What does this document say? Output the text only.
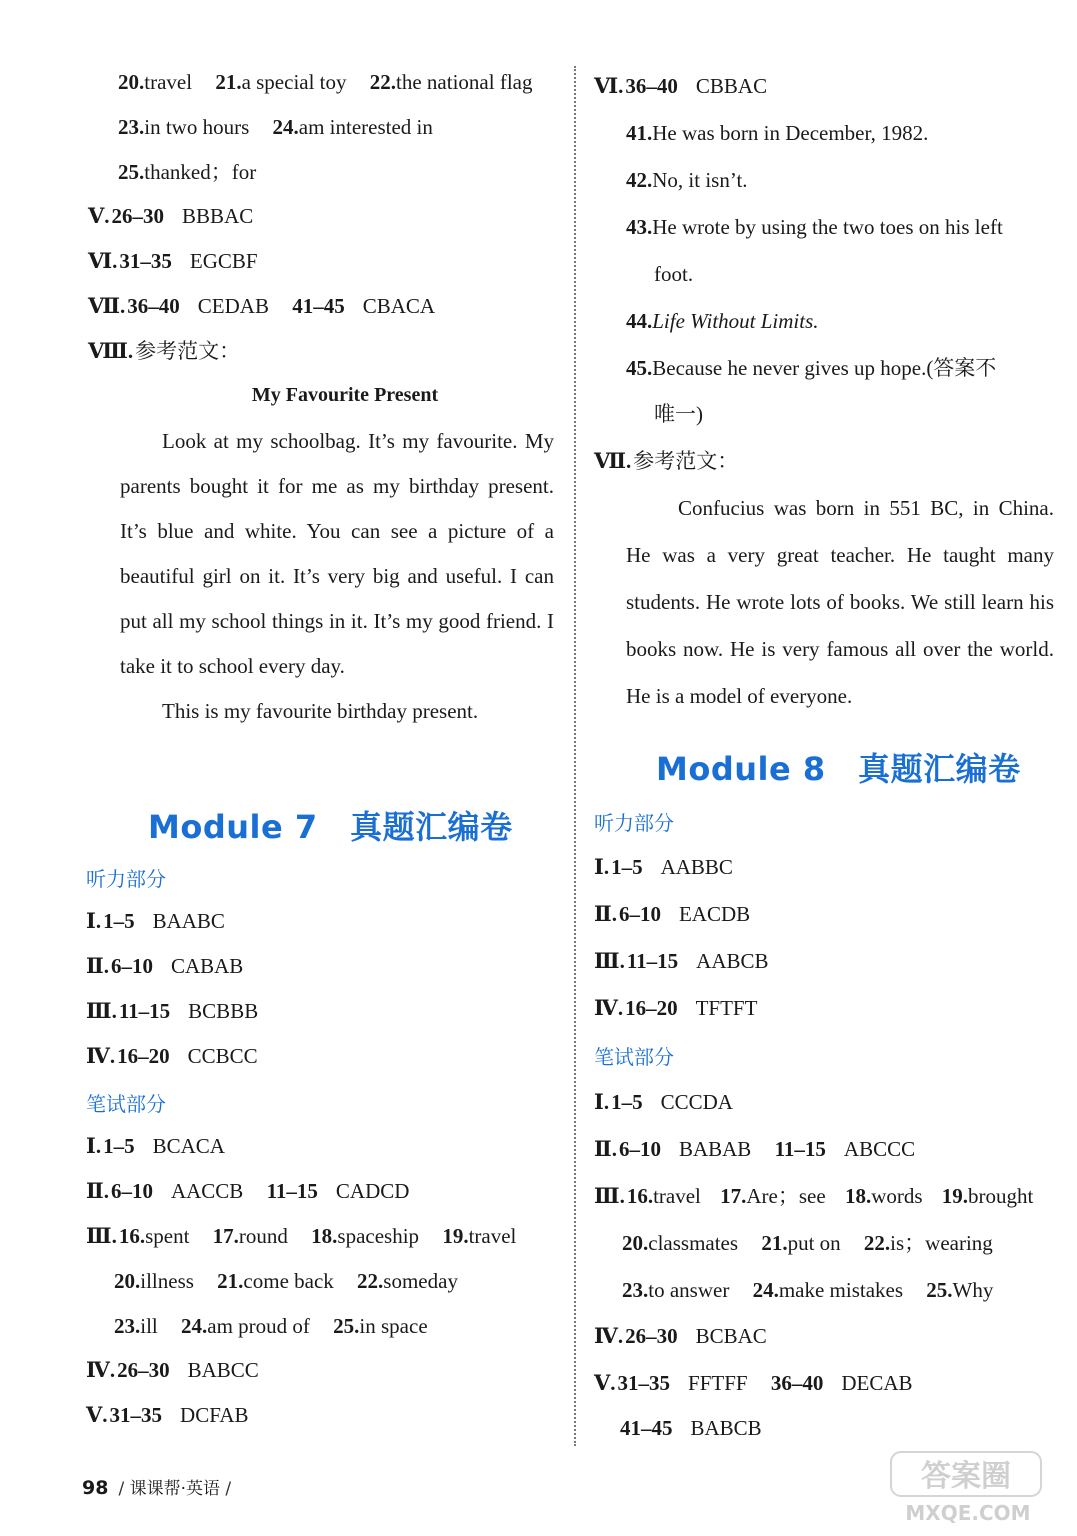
20.travel 21.a special toy 22.the national flag
23.in two hours 24.am interested in
25.thanked；for
Ⅴ.26–30 BBBAC
Ⅵ.31–35 EGCBF
Ⅶ.36–40 CEDAB 41–45 CBACA
Ⅷ.参考范文：
My Favourite Present

Look at my schoolbag. It’s my favourite. My parents bought it for me as my birthday present. It’s blue and white. You can see a picture of a beautiful girl on it. It’s very big and useful. I can put all my school things in it. It’s my good friend. I take it to school every day.

This is my favourite birthday present.

Module 7　真题汇编卷
听力部分
Ⅰ.1–5 BAABC
Ⅱ.6–10 CABAB
Ⅲ.11–15 BCBBB
Ⅳ.16–20 CCBCC
笔试部分
Ⅰ.1–5 BCACA
Ⅱ.6–10 AACCB 11–15 CADCD
Ⅲ.16.spent 17.round 18.spaceship 19.travel
20.illness 21.come back 22.someday
23.ill 24.am proud of 25.in space
Ⅳ.26–30 BABCC
Ⅴ.31–35 DCFAB
Ⅵ.36–40 CBBAC
41.He was born in December, 1982.
42.No, it isn’t.
43.He wrote by using the two toes on his left
foot.
44.Life Without Limits.
45.Because he never gives up hope.(答案不
唯一)
Ⅶ.参考范文：

Confucius was born in 551 BC, in China. He was a very great teacher. He taught many students. He wrote lots of books. We still learn his books now. He is very famous all over the world. He is a model of everyone.

Module 8　真题汇编卷
听力部分
Ⅰ.1–5 AABBC
Ⅱ.6–10 EACDB
Ⅲ.11–15 AABCB
Ⅳ.16–20 TFTFT
笔试部分
Ⅰ.1–5 CCCDA
Ⅱ.6–10 BABAB 11–15 ABCCC
Ⅲ.16.travel 17.Are；see 18.words 19.brought
20.classmates 21.put on 22.is；wearing
23.to answer 24.make mistakes 25.Why
Ⅳ.26–30 BCBAC
Ⅴ.31–35 FFTFF 36–40 DECAB
41–45 BABCB
98 / 课课帮·英语 /	答案圈
MXQE.COM
